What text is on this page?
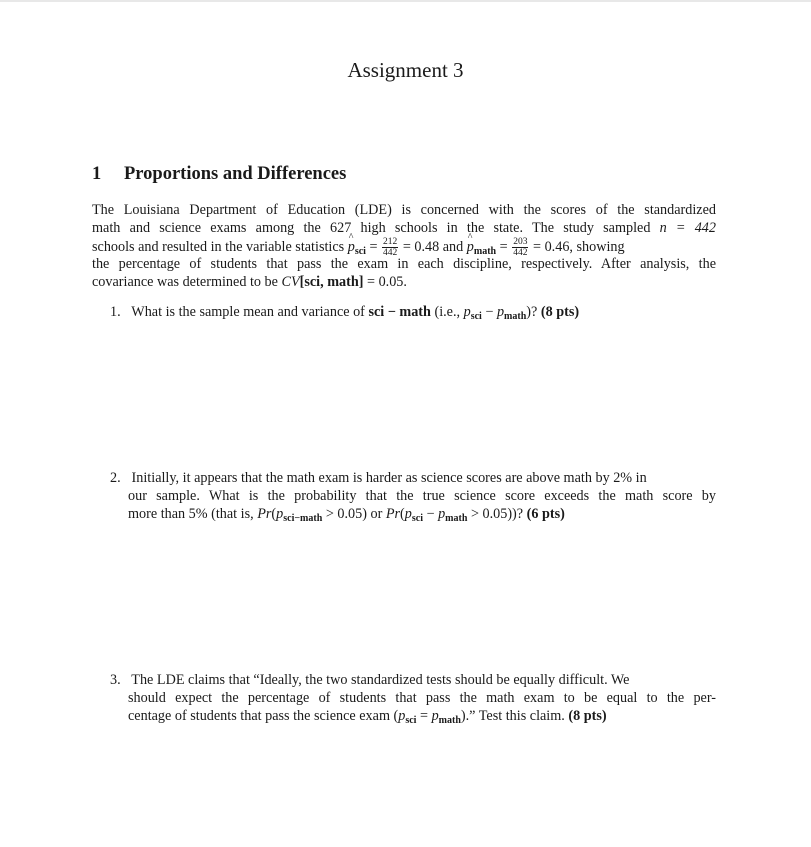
Assignment 3
1 Proportions and Differences
The Louisiana Department of Education (LDE) is concerned with the scores of the standardized
math and science exams among the 627 high schools in the state. The study sampled n = 442
schools and resulted in the variable statistics ^ $p_{sci} = \frac{212}{442} = 0.48$ and ^ $p_{math} = \frac{203}{442} = 0.46$, showing
the percentage of students that pass the exam in each discipline, respectively. After analysis, the
covariance was determined to be CV[sci, math] = 0.05.
1. What is the sample mean and variance of sci − math (i.e., $p_{sci} - p_{math}$)? (8 pts)
2. Initially, it appears that the math exam is harder as science scores are above math by 2% in
our sample. What is the probability that the true science score exceeds the math score by
more than 5% (that is, $Pr(p_{sci-math} > 0.05)$ or $Pr(p_{sci} - p_{math} > 0.05)$)? (6 pts)
3. The LDE claims that “Ideally, the two standardized tests should be equally difficult. We
should expect the percentage of students that pass the math exam to be equal to the per-
centage of students that pass the science exam $(p_{sci} = p_{math})$.” Test this claim. (8 pts)
